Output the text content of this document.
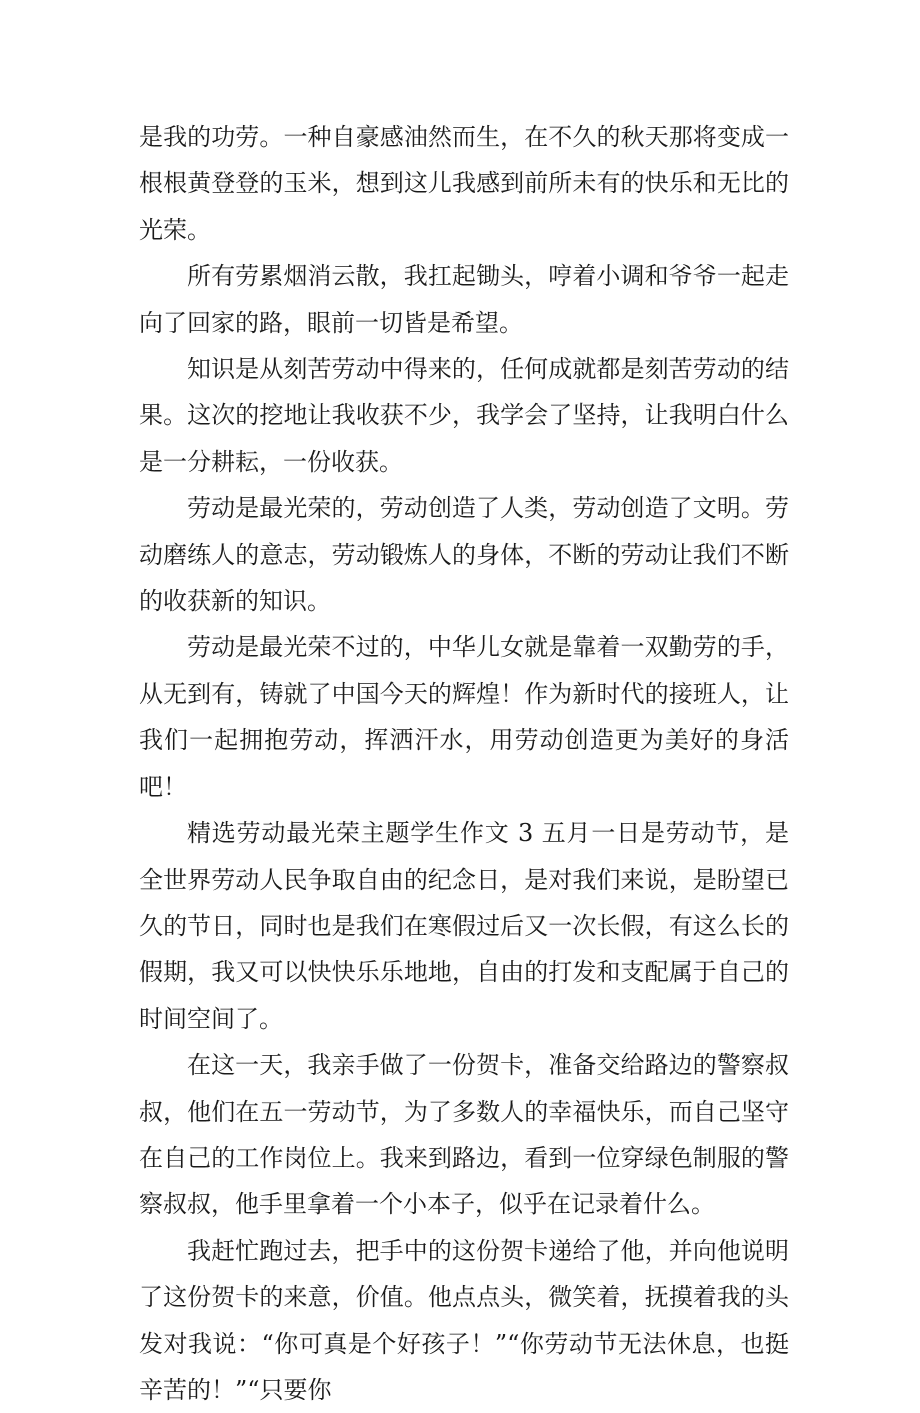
是我的功劳。一种自豪感油然而生，在不久的秋天那将变成一根根黄登登的玉米，想到这儿我感到前所未有的快乐和无比的光荣。

所有劳累烟消云散，我扛起锄头，哼着小调和爷爷一起走向了回家的路，眼前一切皆是希望。

知识是从刻苦劳动中得来的，任何成就都是刻苦劳动的结果。这次的挖地让我收获不少，我学会了坚持，让我明白什么是一分耕耘，一份收获。

劳动是最光荣的，劳动创造了人类，劳动创造了文明。劳动磨练人的意志，劳动锻炼人的身体，不断的劳动让我们不断的收获新的知识。

劳动是最光荣不过的，中华儿女就是靠着一双勤劳的手，从无到有，铸就了中国今天的辉煌！作为新时代的接班人，让我们一起拥抱劳动，挥洒汗水，用劳动创造更为美好的身活吧！

精选劳动最光荣主题学生作文 3 五月一日是劳动节，是全世界劳动人民争取自由的纪念日，是对我们来说，是盼望已久的节日，同时也是我们在寒假过后又一次长假，有这么长的假期，我又可以快快乐乐地地，自由的打发和支配属于自己的时间空间了。

在这一天，我亲手做了一份贺卡，准备交给路边的警察叔叔，他们在五一劳动节，为了多数人的幸福快乐，而自己坚守在自己的工作岗位上。我来到路边，看到一位穿绿色制服的警察叔叔，他手里拿着一个小本子，似乎在记录着什么。

我赶忙跑过去，把手中的这份贺卡递给了他，并向他说明了这份贺卡的来意，价值。他点点头，微笑着，抚摸着我的头发对我说：“你可真是个好孩子！”“你劳动节无法休息，也挺辛苦的！”“只要你
